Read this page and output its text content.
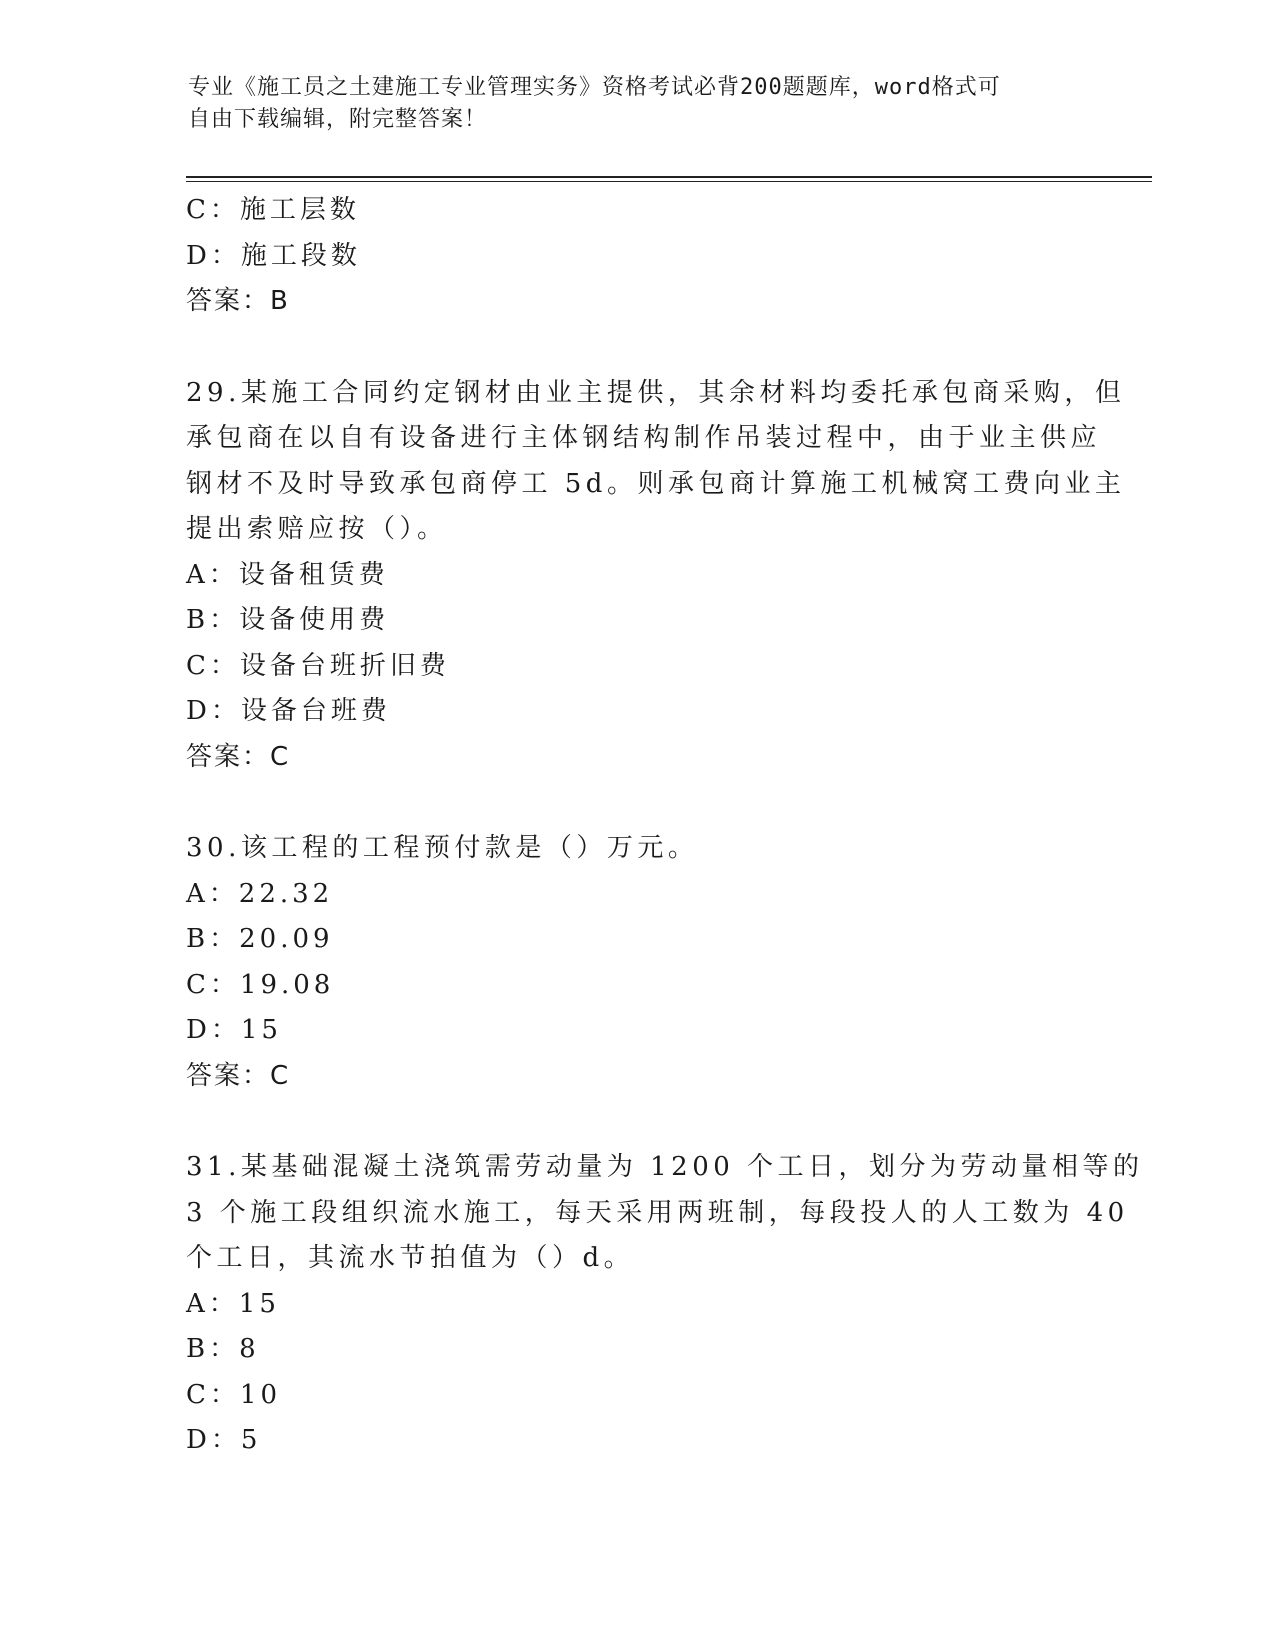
专业《施工员之土建施工专业管理实务》资格考试必背200题题库，word格式可
自由下载编辑，附完整答案！
C：施工层数
D：施工段数
答案：B
29.某施工合同约定钢材由业主提供，其余材料均委托承包商采购，但
承包商在以自有设备进行主体钢结构制作吊装过程中，由于业主供应
钢材不及时导致承包商停工 5d。则承包商计算施工机械窝工费向业主
提出索赔应按（）。
A：设备租赁费
B：设备使用费
C：设备台班折旧费
D：设备台班费
答案：C
30.该工程的工程预付款是（）万元。
A：22.32
B：20.09
C：19.08
D：15
答案：C
31.某基础混凝土浇筑需劳动量为 1200 个工日，划分为劳动量相等的
3 个施工段组织流水施工，每天采用两班制，每段投人的人工数为 40
个工日，其流水节拍值为（）d。
A：15
B：8
C：10
D：5
